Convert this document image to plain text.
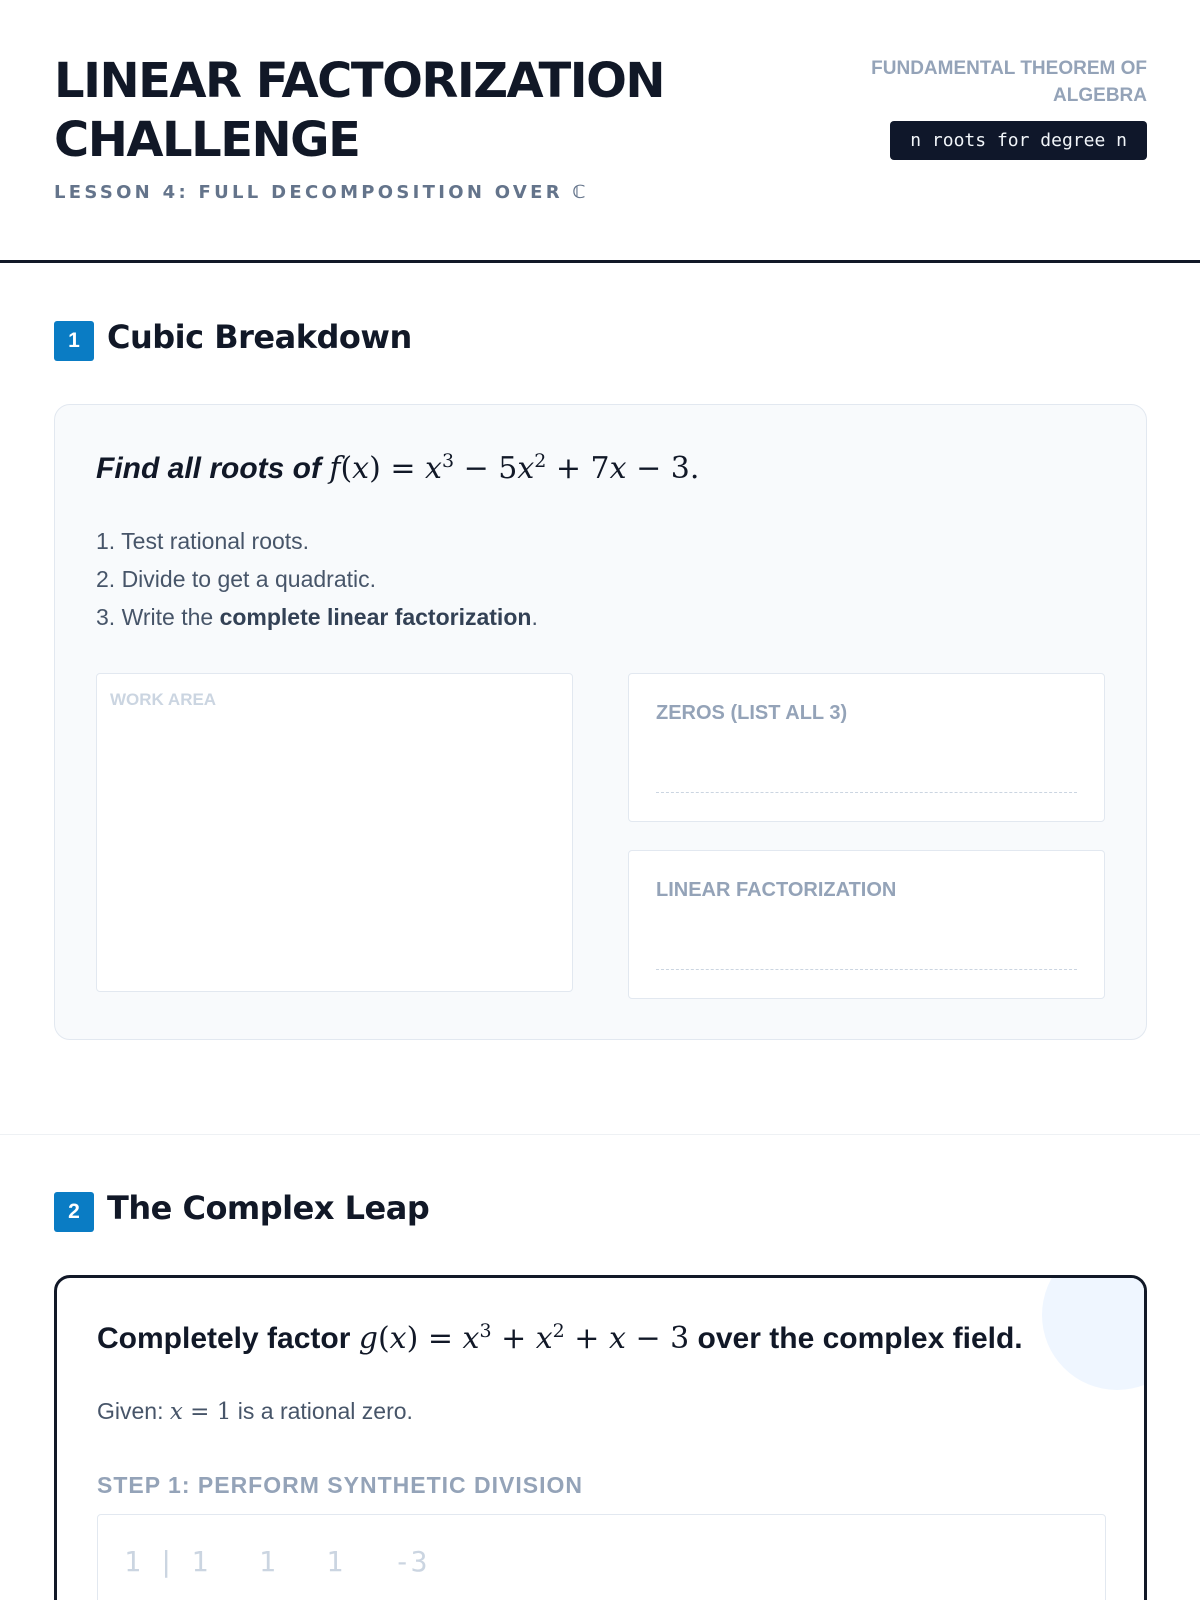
LINEAR FACTORIZATION CHALLENGE
LESSON 4: FULL DECOMPOSITION OVER ℂ
FUNDAMENTAL THEOREM OF ALGEBRA
n roots for degree n
1 Cubic Breakdown
Find all roots of $f(x) = x^3 - 5x^2 + 7x - 3$.
1. Test rational roots.
2. Divide to get a quadratic.
3. Write the complete linear factorization.
WORK AREA
ZEROS (LIST ALL 3)
LINEAR FACTORIZATION
2 The Complex Leap
Completely factor $g(x) = x^3 + x^2 + x - 3$ over the complex field.
Given: x = 1 is a rational zero.
STEP 1: PERFORM SYNTHETIC DIVISION
1 | 1   1   1   -3
